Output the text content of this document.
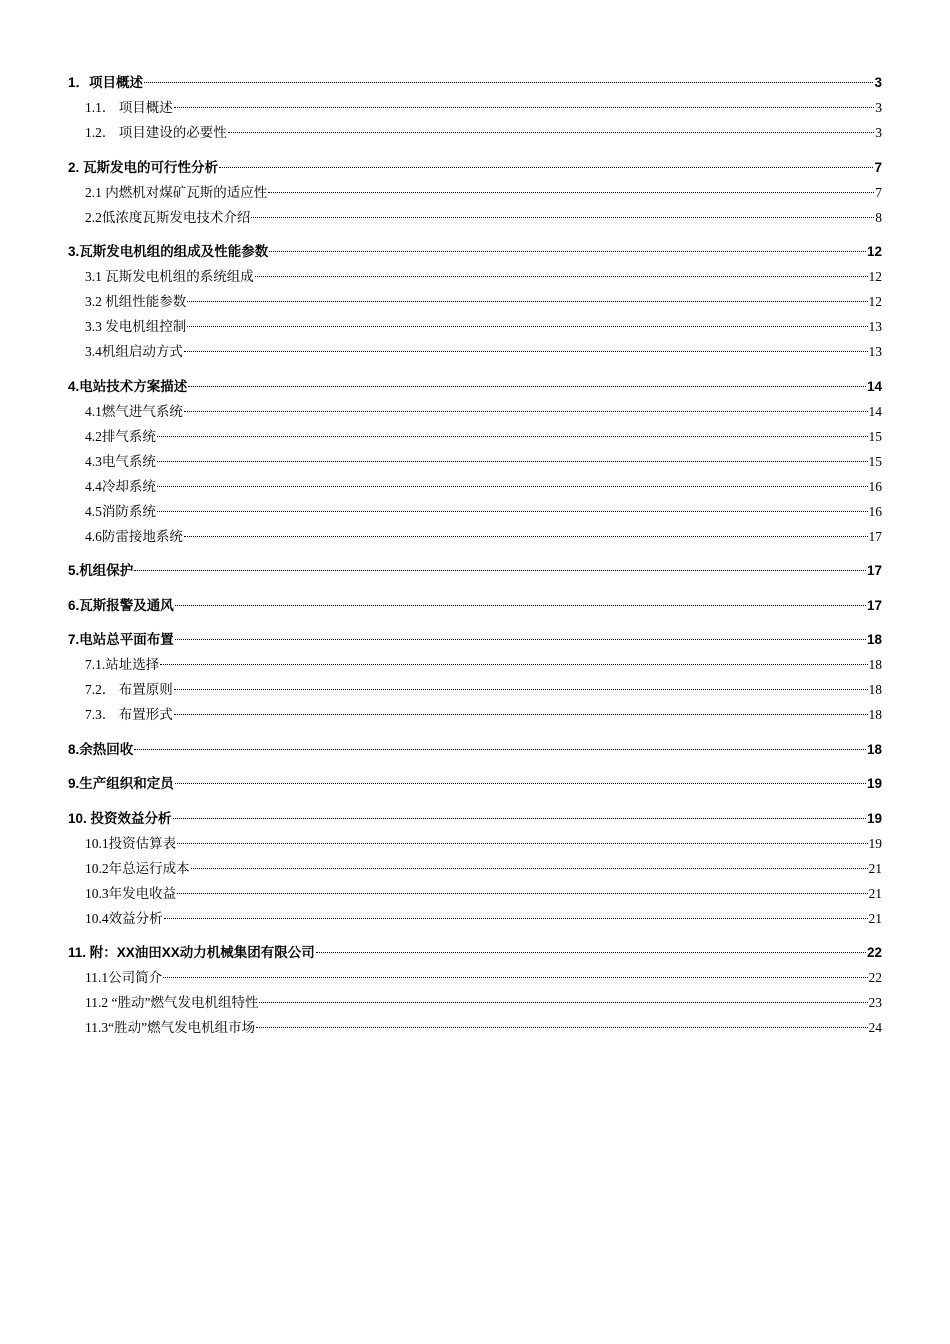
1．项目概述	3
1.1． 项目概述	3
1.2． 项目建设的必要性	3
2. 瓦斯发电的可行性分析	7
2.1 内燃机对煤矿瓦斯的适应性	7
2.2低浓度瓦斯发电技术介绍	8
3.瓦斯发电机组的组成及性能参数	12
3.1 瓦斯发电机组的系统组成	12
3.2 机组性能参数	12
3.3 发电机组控制	13
3.4机组启动方式	13
4.电站技术方案描述	14
4.1燃气进气系统	14
4.2排气系统	15
4.3电气系统	15
4.4冷却系统	16
4.5消防系统	16
4.6防雷接地系统	17
5.机组保护	17
6.瓦斯报警及通风	17
7.电站总平面布置	18
7.1.站址选择	18
7.2． 布置原则	18
7.3． 布置形式	18
8.余热回收	18
9.生产组织和定员	19
10. 投资效益分析	19
10.1投资估算表	19
10.2年总运行成本	21
10.3年发电收益	21
10.4效益分析	21
11. 附：XX油田XX动力机械集团有限公司	22
11.1公司简介	22
11.2 “胜动”燃气发电机组特性	23
11.3“胜动”燃气发电机组市场	24
